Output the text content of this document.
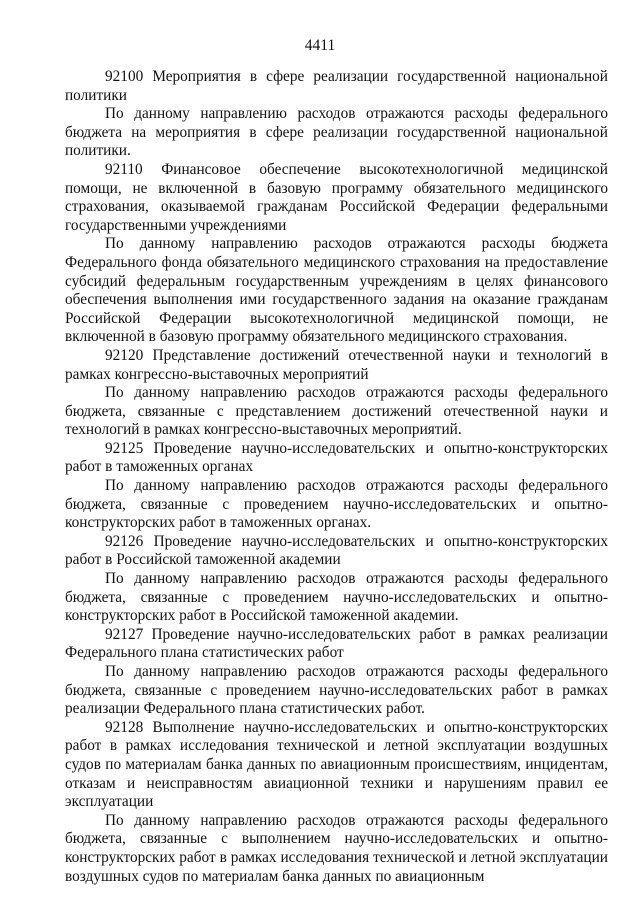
4411

92100 Мероприятия в сфере реализации государственной национальной политики

По данному направлению расходов отражаются расходы федерального бюджета на мероприятия в сфере реализации государственной национальной политики.

92110 Финансовое обеспечение высокотехнологичной медицинской помощи, не включенной в базовую программу обязательного медицинского страхования, оказываемой гражданам Российской Федерации федеральными государственными учреждениями

По данному направлению расходов отражаются расходы бюджета Федерального фонда обязательного медицинского страхования на предоставление субсидий федеральным государственным учреждениям в целях финансового обеспечения выполнения ими государственного задания на оказание гражданам Российской Федерации высокотехнологичной медицинской помощи, не включенной в базовую программу обязательного медицинского страхования.

92120 Представление достижений отечественной науки и технологий в рамках конгрессно-выставочных мероприятий

По данному направлению расходов отражаются расходы федерального бюджета, связанные с представлением достижений отечественной науки и технологий в рамках конгрессно-выставочных мероприятий.

92125 Проведение научно-исследовательских и опытно-конструкторских работ в таможенных органах

По данному направлению расходов отражаются расходы федерального бюджета, связанные с проведением научно-исследовательских и опытно-конструкторских работ в таможенных органах.

92126 Проведение научно-исследовательских и опытно-конструкторских работ в Российской таможенной академии

По данному направлению расходов отражаются расходы федерального бюджета, связанные с проведением научно-исследовательских и опытно-конструкторских работ в Российской таможенной академии.

92127 Проведение научно-исследовательских работ в рамках реализации Федерального плана статистических работ

По данному направлению расходов отражаются расходы федерального бюджета, связанные с проведением научно-исследовательских работ в рамках реализации Федерального плана статистических работ.

92128 Выполнение научно-исследовательских и опытно-конструкторских работ в рамках исследования технической и летной эксплуатации воздушных судов по материалам банка данных по авиационным происшествиям, инцидентам, отказам и неисправностям авиационной техники и нарушениям правил ее эксплуатации

По данному направлению расходов отражаются расходы федерального бюджета, связанные с выполнением научно-исследовательских и опытно-конструкторских работ в рамках исследования технической и летной эксплуатации воздушных судов по материалам банка данных по авиационным
